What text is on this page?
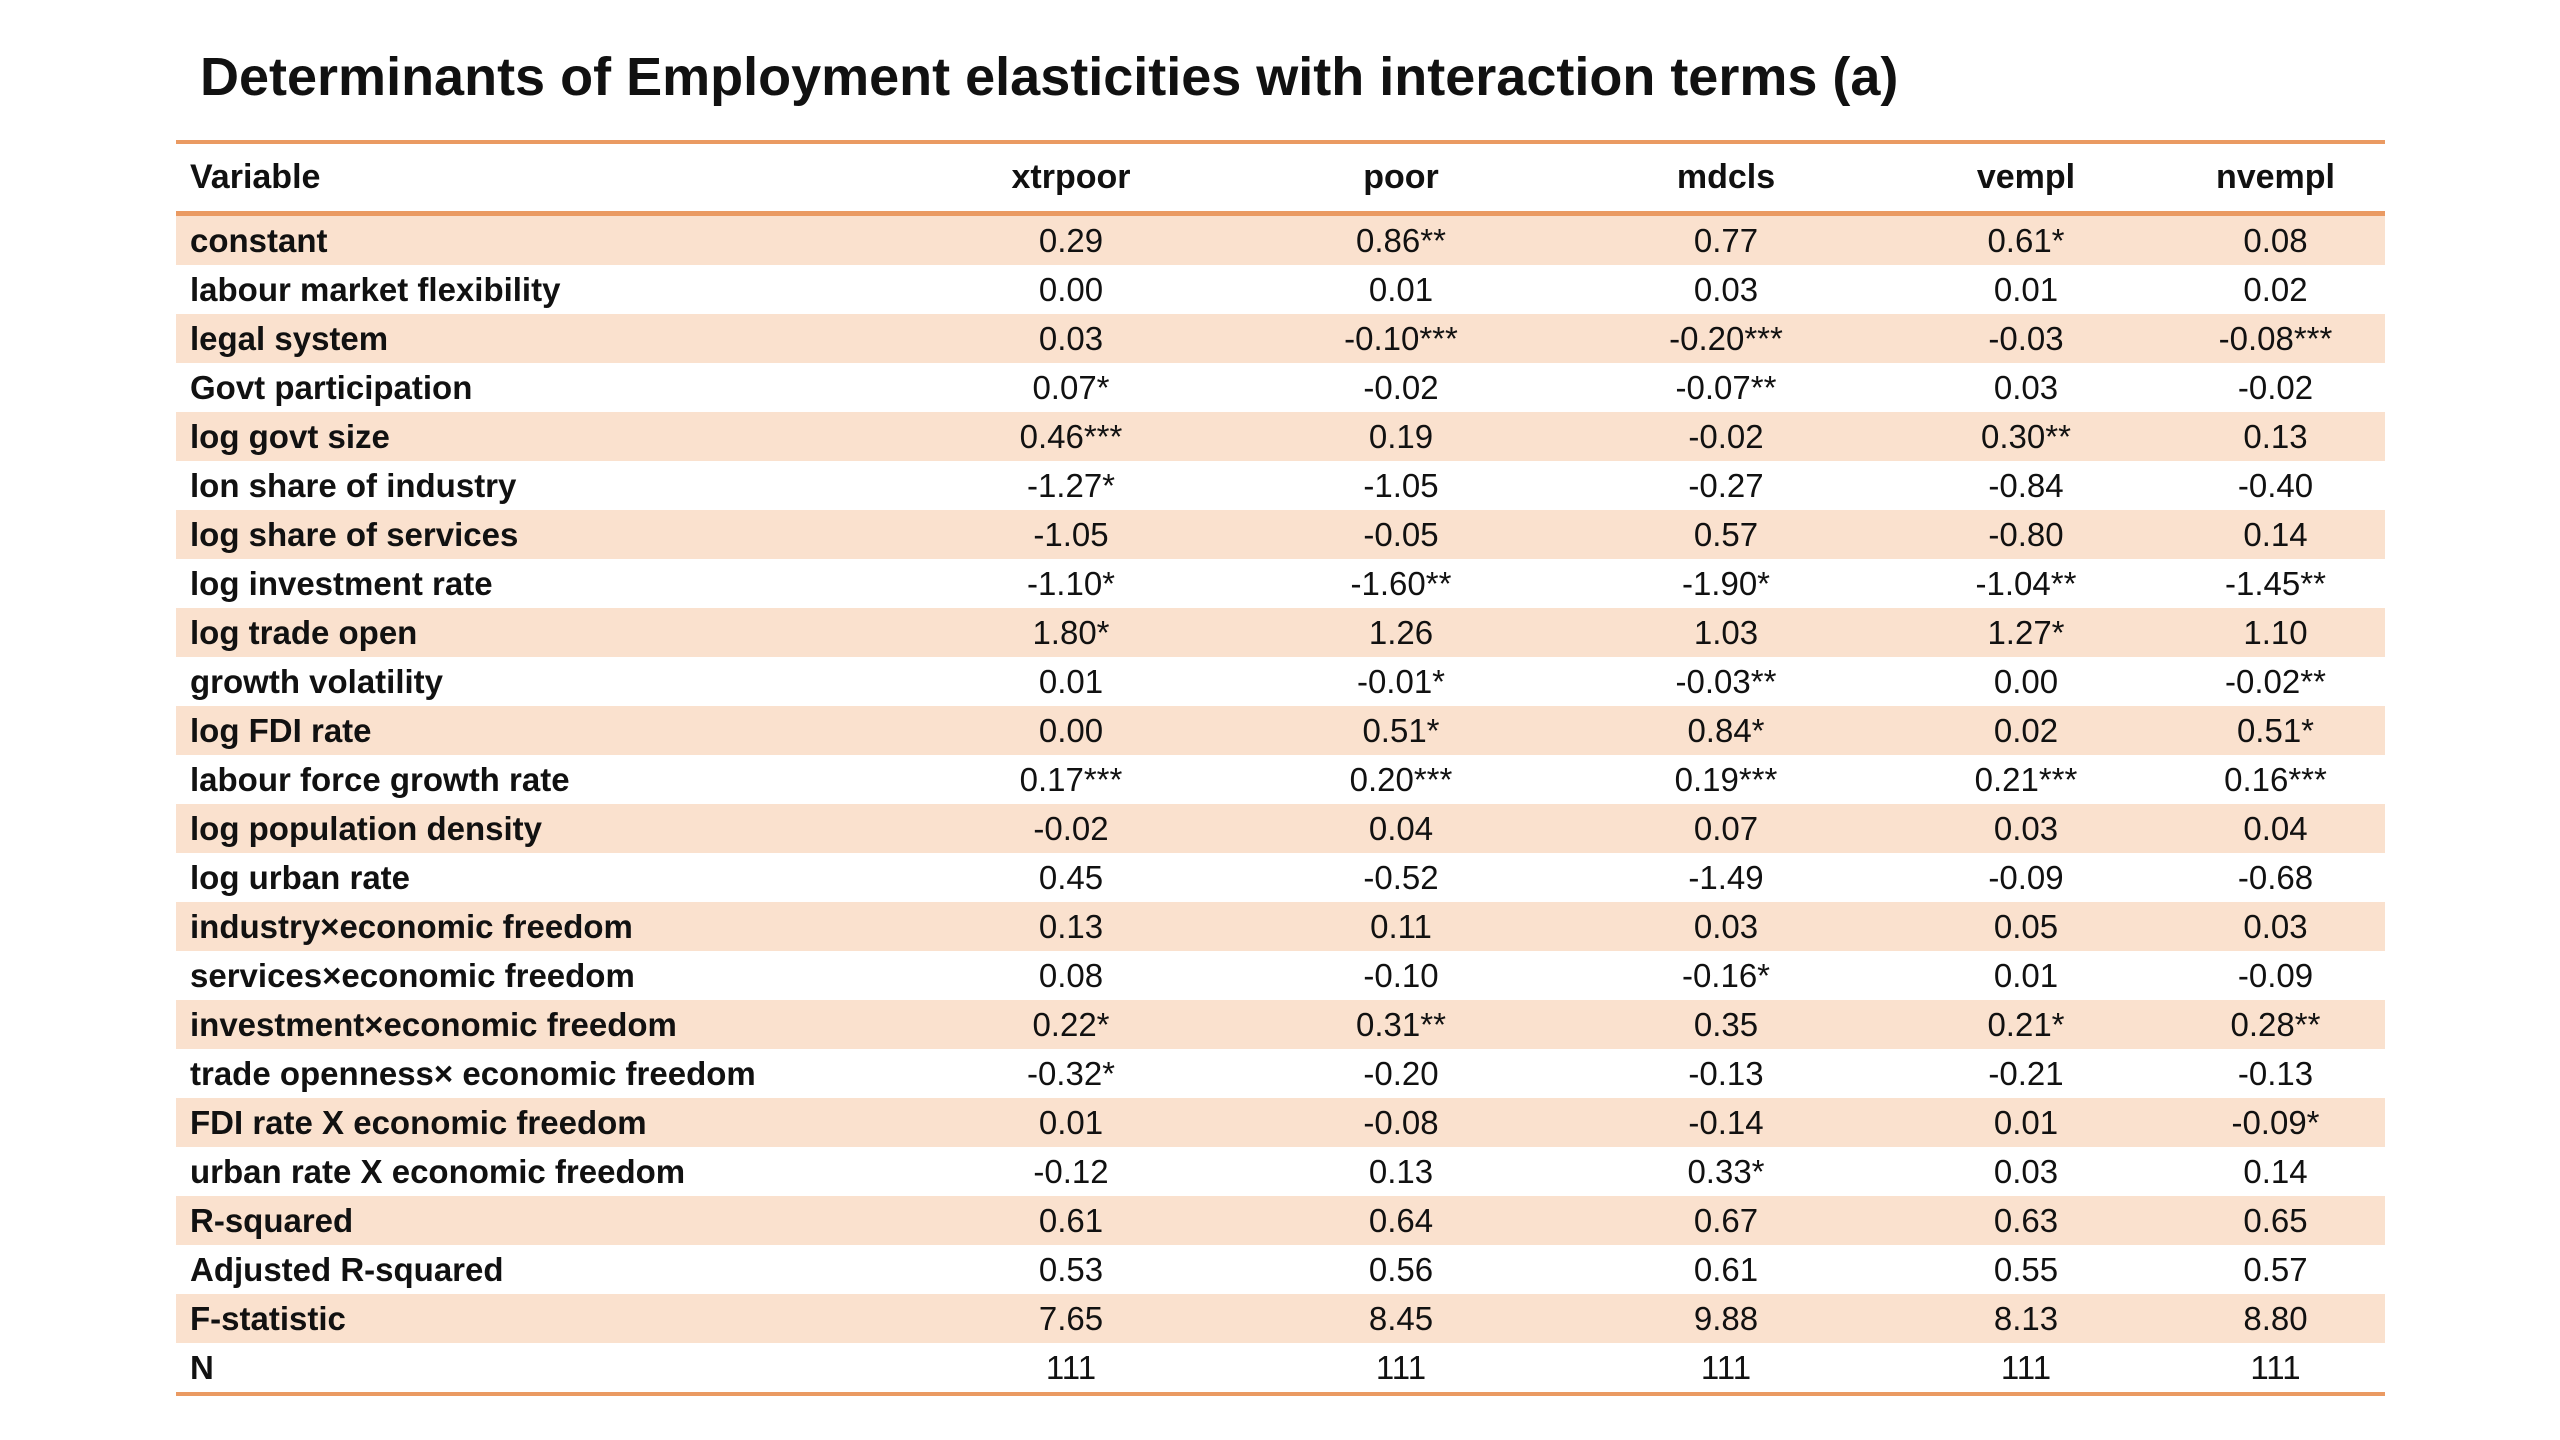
Determinants of Employment elasticities with interaction terms (a)
Variable	xtrpoor	poor	mdcls	vempl	nvempl
constant	0.29	0.86**	0.77	0.61*	0.08
labour market flexibility	0.00	0.01	0.03	0.01	0.02
legal system	0.03	-0.10***	-0.20***	-0.03	-0.08***
Govt participation	0.07*	-0.02	-0.07**	0.03	-0.02
log govt size	0.46***	0.19	-0.02	0.30**	0.13
lon share of industry	-1.27*	-1.05	-0.27	-0.84	-0.40
log share of services	-1.05	-0.05	0.57	-0.80	0.14
log investment rate	-1.10*	-1.60**	-1.90*	-1.04**	-1.45**
log trade open	1.80*	1.26	1.03	1.27*	1.10
growth volatility	0.01	-0.01*	-0.03**	0.00	-0.02**
log FDI rate	0.00	0.51*	0.84*	0.02	0.51*
labour force growth rate	0.17***	0.20***	0.19***	0.21***	0.16***
log population density	-0.02	0.04	0.07	0.03	0.04
log urban rate	0.45	-0.52	-1.49	-0.09	-0.68
industry×economic freedom	0.13	0.11	0.03	0.05	0.03
services×economic freedom	0.08	-0.10	-0.16*	0.01	-0.09
investment×economic freedom	0.22*	0.31**	0.35	0.21*	0.28**
trade openness× economic freedom	-0.32*	-0.20	-0.13	-0.21	-0.13
FDI rate X economic freedom	0.01	-0.08	-0.14	0.01	-0.09*
urban rate X economic freedom	-0.12	0.13	0.33*	0.03	0.14
R-squared	0.61	0.64	0.67	0.63	0.65
Adjusted R-squared	0.53	0.56	0.61	0.55	0.57
F-statistic	7.65	8.45	9.88	8.13	8.80
N	111	111	111	111	111
